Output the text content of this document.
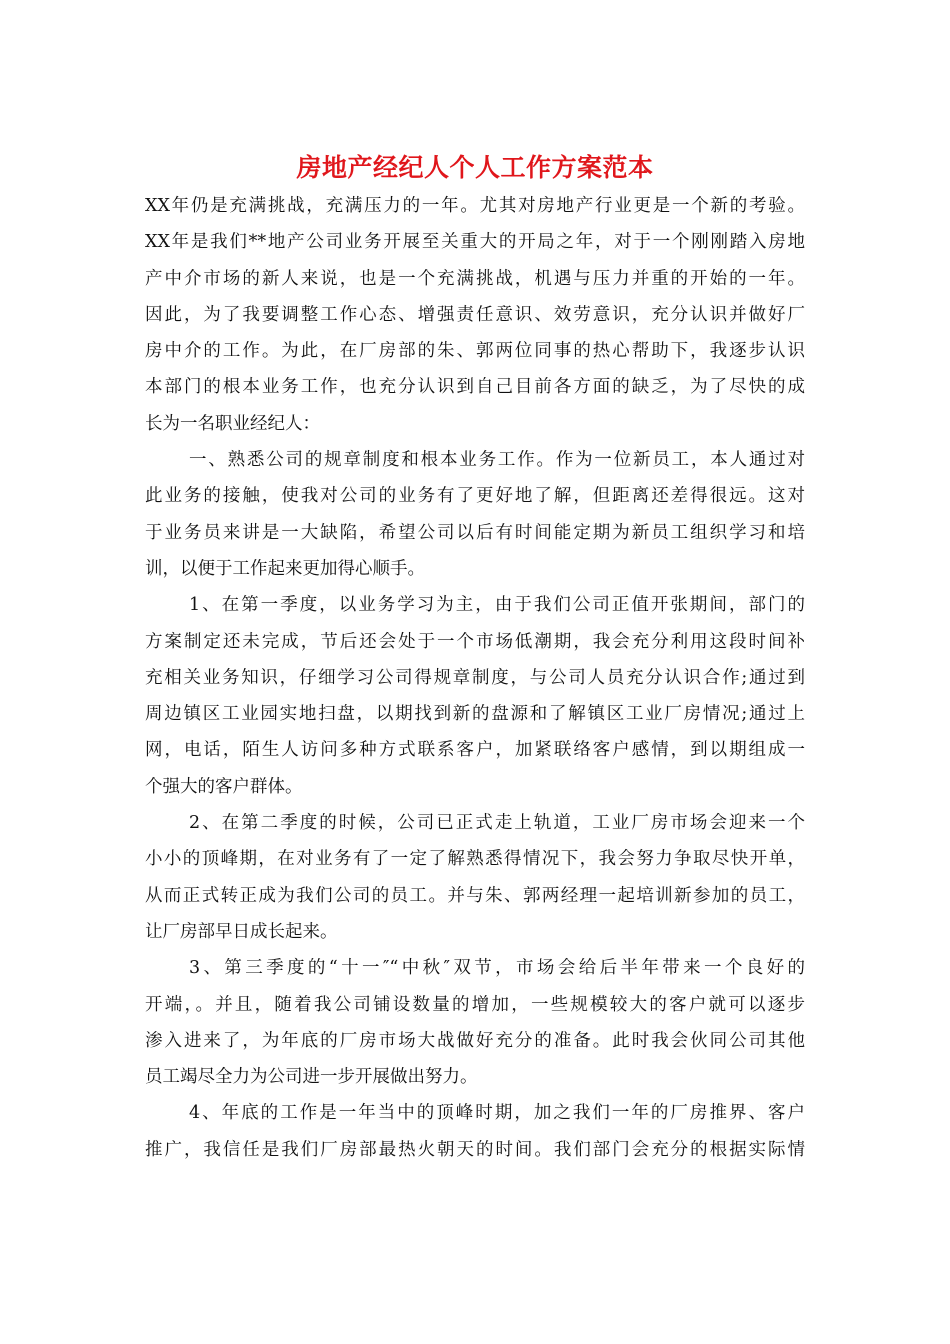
房地产经纪人个人工作方案范本

XX年仍是充满挑战，充满压力的一年。尤其对房地产行业更是一个新的考验。

XX年是我们**地产公司业务开展至关重大的开局之年，对于一个刚刚踏入房地

产中介市场的新人来说，也是一个充满挑战，机遇与压力并重的开始的一年。

因此，为了我要调整工作心态、增强责任意识、效劳意识，充分认识并做好厂

房中介的工作。为此，在厂房部的朱、郭两位同事的热心帮助下，我逐步认识

本部门的根本业务工作，也充分认识到自己目前各方面的缺乏，为了尽快的成

长为一名职业经纪人：

一、熟悉公司的规章制度和根本业务工作。作为一位新员工，本人通过对

此业务的接触，使我对公司的业务有了更好地了解，但距离还差得很远。这对

于业务员来讲是一大缺陷，希望公司以后有时间能定期为新员工组织学习和培

训，以便于工作起来更加得心顺手。

1、在第一季度，以业务学习为主，由于我们公司正值开张期间，部门的

方案制定还未完成，节后还会处于一个市场低潮期，我会充分利用这段时间补

充相关业务知识，仔细学习公司得规章制度，与公司人员充分认识合作;通过到

周边镇区工业园实地扫盘，以期找到新的盘源和了解镇区工业厂房情况;通过上

网，电话，陌生人访问多种方式联系客户，加紧联络客户感情，到以期组成一

个强大的客户群体。

2、在第二季度的时候，公司已正式走上轨道，工业厂房市场会迎来一个

小小的顶峰期，在对业务有了一定了解熟悉得情况下，我会努力争取尽快开单，

从而正式转正成为我们公司的员工。并与朱、郭两经理一起培训新参加的员工，

让厂房部早日成长起来。

3、第三季度的“十一″“中秋″双节，市场会给后半年带来一个良好的

开端，。并且，随着我公司铺设数量的增加，一些规模较大的客户就可以逐步

渗入进来了，为年底的厂房市场大战做好充分的准备。此时我会伙同公司其他

员工竭尽全力为公司进一步开展做出努力。

4、年底的工作是一年当中的顶峰时期，加之我们一年的厂房推界、客户

推广，我信任是我们厂房部最热火朝天的时间。我们部门会充分的根据实际情
